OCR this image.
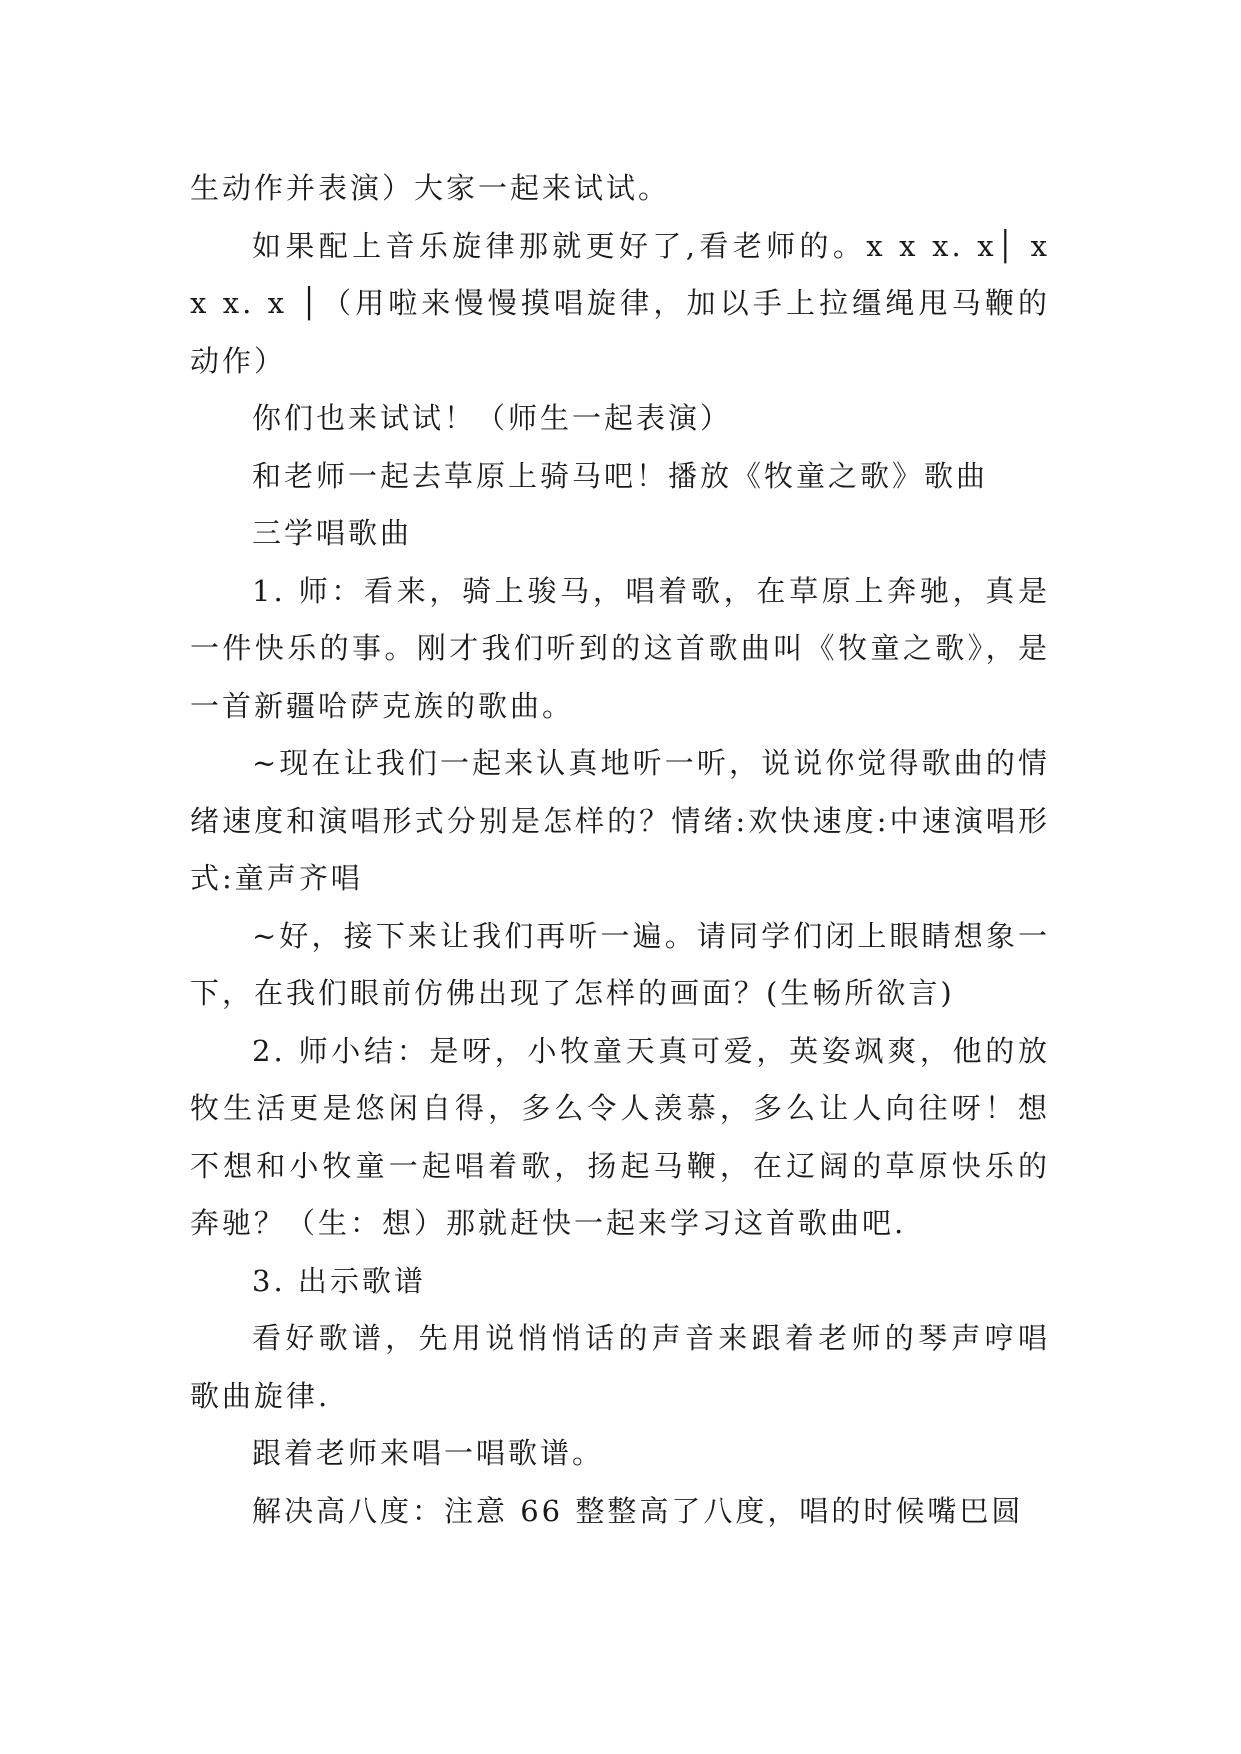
生动作并表演）大家一起来试试。

如果配上音乐旋律那就更好了,看老师的。x x x. x│ x x x. x │（用啦来慢慢摸唱旋律，加以手上拉缰绳甩马鞭的动作）

你们也来试试！（师生一起表演）

和老师一起去草原上骑马吧！播放《牧童之歌》歌曲

三学唱歌曲

1. 师：看来，骑上骏马，唱着歌，在草原上奔驰，真是一件快乐的事。刚才我们听到的这首歌曲叫《牧童之歌》，是一首新疆哈萨克族的歌曲。

~现在让我们一起来认真地听一听，说说你觉得歌曲的情绪速度和演唱形式分别是怎样的？情绪:欢快速度:中速演唱形式:童声齐唱

~好，接下来让我们再听一遍。请同学们闭上眼睛想象一下，在我们眼前仿佛出现了怎样的画面？(生畅所欲言)

2. 师小结：是呀，小牧童天真可爱，英姿飒爽，他的放牧生活更是悠闲自得，多么令人羡慕，多么让人向往呀！想不想和小牧童一起唱着歌，扬起马鞭，在辽阔的草原快乐的奔驰？（生：想）那就赶快一起来学习这首歌曲吧.

3. 出示歌谱

看好歌谱，先用说悄悄话的声音来跟着老师的琴声哼唱歌曲旋律.

跟着老师来唱一唱歌谱。

解决高八度：注意 66 整整高了八度，唱的时候嘴巴圆
